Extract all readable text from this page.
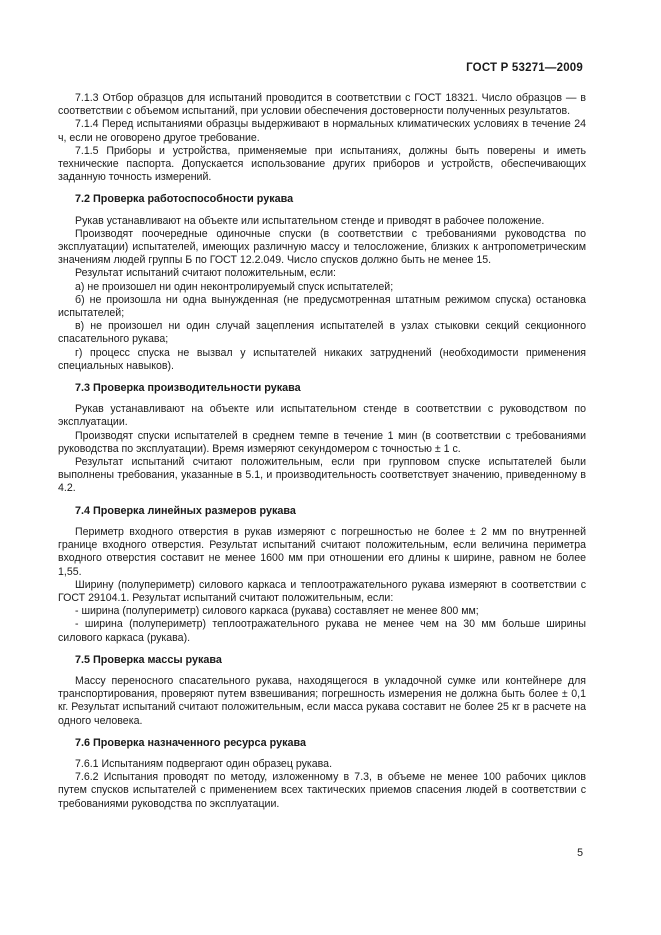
ГОСТ Р 53271—2009

7.1.3 Отбор образцов для испытаний проводится в соответствии с ГОСТ 18321. Число образцов — в соответствии с объемом испытаний, при условии обеспечения достоверности полученных результатов.

7.1.4 Перед испытаниями образцы выдерживают в нормальных климатических условиях в течение 24 ч, если не оговорено другое требование.

7.1.5 Приборы и устройства, применяемые при испытаниях, должны быть поверены и иметь технические паспорта. Допускается использование других приборов и устройств, обеспечивающих заданную точность измерений.

7.2 Проверка работоспособности рукава

Рукав устанавливают на объекте или испытательном стенде и приводят в рабочее положение.

Производят поочередные одиночные спуски (в соответствии с требованиями руководства по эксплуатации) испытателей, имеющих различную массу и телосложение, близких к антропометрическим значениям людей группы Б по ГОСТ 12.2.049. Число спусков должно быть не менее 15.

Результат испытаний считают положительным, если:

а) не произошел ни один неконтролируемый спуск испытателей;

б) не произошла ни одна вынужденная (не предусмотренная штатным режимом спуска) остановка испытателей;

в) не произошел ни один случай зацепления испытателей в узлах стыковки секций секционного спасательного рукава;

г) процесс спуска не вызвал у испытателей никаких затруднений (необходимости применения специальных навыков).

7.3 Проверка производительности рукава

Рукав устанавливают на объекте или испытательном стенде в соответствии с руководством по эксплуатации.

Производят спуски испытателей в среднем темпе в течение 1 мин (в соответствии с требованиями руководства по эксплуатации). Время измеряют секундомером с точностью ± 1 с.

Результат испытаний считают положительным, если при групповом спуске испытателей были выполнены требования, указанные в 5.1, и производительность соответствует значению, приведенному в 4.2.

7.4 Проверка линейных размеров рукава

Периметр входного отверстия в рукав измеряют с погрешностью не более ± 2 мм по внутренней границе входного отверстия. Результат испытаний считают положительным, если величина периметра входного отверстия составит не менее 1600 мм при отношении его длины к ширине, равном не более 1,55.

Ширину (полупериметр) силового каркаса и теплоотражательного рукава измеряют в соответствии с ГОСТ 29104.1. Результат испытаний считают положительным, если:

- ширина (полупериметр) силового каркаса (рукава) составляет не менее 800 мм;

- ширина (полупериметр) теплоотражательного рукава не менее чем на 30 мм больше ширины силового каркаса (рукава).

7.5 Проверка массы рукава

Массу переносного спасательного рукава, находящегося в укладочной сумке или контейнере для транспортирования, проверяют путем взвешивания; погрешность измерения не должна быть более ± 0,1 кг. Результат испытаний считают положительным, если масса рукава составит не более 25 кг в расчете на одного человека.

7.6 Проверка назначенного ресурса рукава

7.6.1 Испытаниям подвергают один образец рукава.

7.6.2 Испытания проводят по методу, изложенному в 7.3, в объеме не менее 100 рабочих циклов путем спусков испытателей с применением всех тактических приемов спасения людей в соответствии с требованиями руководства по эксплуатации.

5
